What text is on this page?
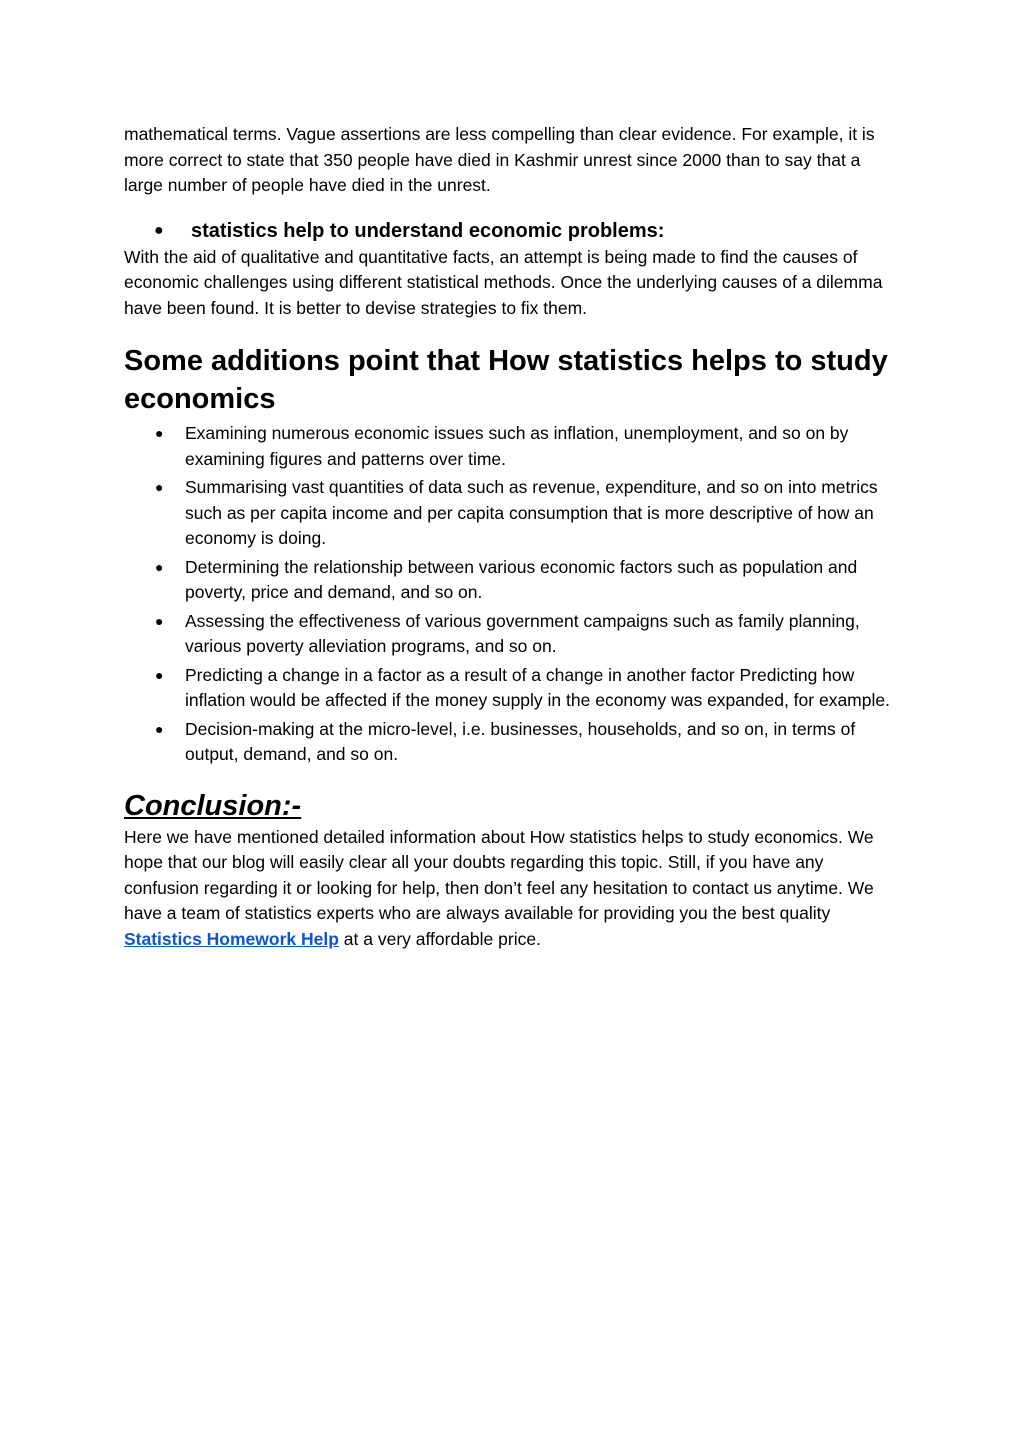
mathematical terms. Vague assertions are less compelling than clear evidence. For example, it is more correct to state that 350 people have died in Kashmir unrest since 2000 than to say that a large number of people have died in the unrest.

● statistics help to understand economic problems:

With the aid of qualitative and quantitative facts, an attempt is being made to find the causes of economic challenges using different statistical methods. Once the underlying causes of a dilemma have been found. It is better to devise strategies to fix them.

Some additions point that How statistics helps to study economics
● Examining numerous economic issues such as inflation, unemployment, and so on by examining figures and patterns over time.
● Summarising vast quantities of data such as revenue, expenditure, and so on into metrics such as per capita income and per capita consumption that is more descriptive of how an economy is doing.
● Determining the relationship between various economic factors such as population and poverty, price and demand, and so on.
● Assessing the effectiveness of various government campaigns such as family planning, various poverty alleviation programs, and so on.
● Predicting a change in a factor as a result of a change in another factor Predicting how inflation would be affected if the money supply in the economy was expanded, for example.
● Decision-making at the micro-level, i.e. businesses, households, and so on, in terms of output, demand, and so on.
Conclusion:-

Here we have mentioned detailed information about How statistics helps to study economics. We hope that our blog will easily clear all your doubts regarding this topic. Still, if you have any confusion regarding it or looking for help, then don’t feel any hesitation to contact us anytime. We have a team of statistics experts who are always available for providing you the best quality Statistics Homework Help at a very affordable price.
